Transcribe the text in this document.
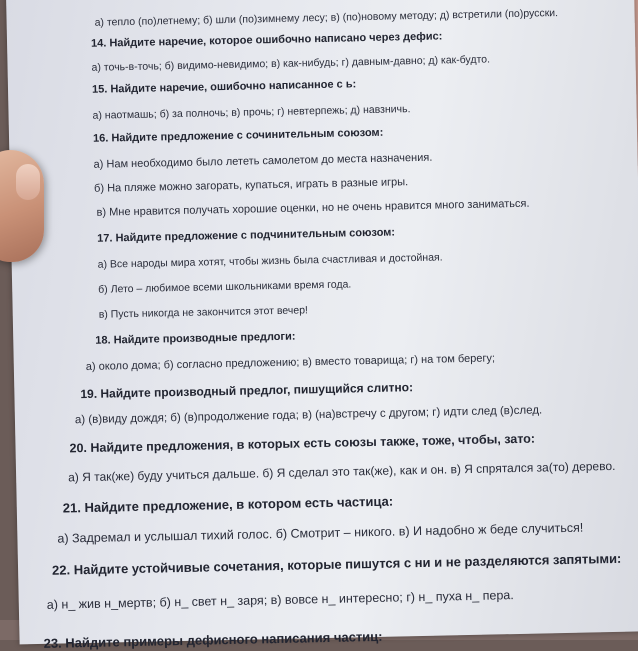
а) тепло (по)летнему; б) шли (по)зимнему лесу; в) (по)новому методу; д) встретили (по)русски.
14. Найдите наречие, которое ошибочно написано через дефис:
а) точь-в-точь; б) видимо-невидимо; в) как-нибудь; г) давным-давно; д) как-будто.
15. Найдите наречие, ошибочно написанное с ь:
а) наотмашь; б) за полночь; в) прочь; г) невтерпежь; д) навзничь.
16. Найдите предложение с сочинительным союзом:
а) Нам необходимо было лететь самолетом до места назначения.
б) На пляже можно загорать, купаться, играть в разные игры.
в) Мне нравится получать хорошие оценки, но не очень нравится много заниматься.
17. Найдите предложение с подчинительным союзом:
а) Все народы мира хотят, чтобы жизнь была счастливая и достойная.
б) Лето – любимое всеми школьниками время года.
в) Пусть никогда не закончится этот вечер!
18. Найдите производные предлоги:
а) около дома; б) согласно предложению; в) вместо товарища; г) на том берегу;
19. Найдите производный предлог, пишущийся слитно:
а) (в)виду дождя; б) (в)продолжение года; в) (на)встречу с другом; г) идти след (в)след.
20. Найдите предложения, в которых есть союзы также, тоже, чтобы, зато:
а) Я так(же) буду учиться дальше. б) Я сделал это так(же), как и он. в) Я спрятался за(то) дерево.
21. Найдите предложение, в котором есть частица:
а) Задремал и услышал тихий голос. б) Смотрит – никого. в) И надобно ж беде случиться!
22. Найдите устойчивые сочетания, которые пишутся с ни и не разделяются запятыми:
а) н_ жив н_мертв; б) н_ свет н_ заря; в) вовсе н_ интересно; г) н_ пуха н_ пера.
23. Найдите примеры дефисного написания частиц:
